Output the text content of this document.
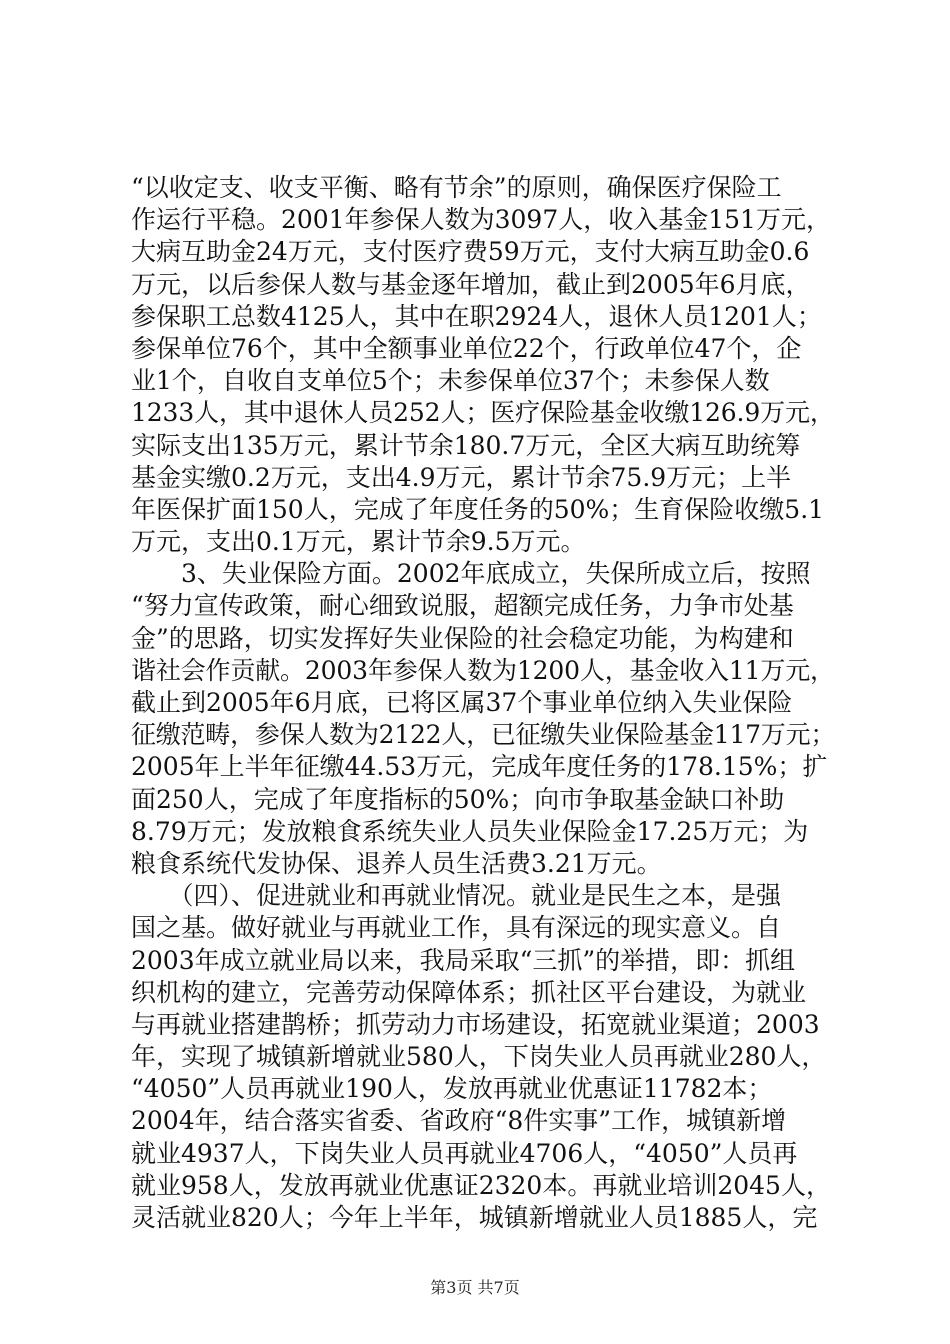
“以收定支、收支平衡、略有节余”的原则，确保医疗保险工
作运行平稳。2001年参保人数为3097人，收入基金151万元，
大病互助金24万元，支付医疗费59万元，支付大病互助金0.6
万元，以后参保人数与基金逐年增加，截止到2005年6月底，
参保职工总数4125人，其中在职2924人，退休人员1201人；
参保单位76个，其中全额事业单位22个，行政单位47个，企
业1个，自收自支单位5个；未参保单位37个；未参保人数
1233人，其中退休人员252人；医疗保险基金收缴126.9万元，
实际支出135万元，累计节余180.7万元，全区大病互助统筹
基金实缴0.2万元，支出4.9万元，累计节余75.9万元；上半
年医保扩面150人，完成了年度任务的50%；生育保险收缴5.1
万元，支出0.1万元，累计节余9.5万元。
　　3、失业保险方面。2002年底成立，失保所成立后，按照
“努力宣传政策，耐心细致说服，超额完成任务，力争市处基
金”的思路，切实发挥好失业保险的社会稳定功能，为构建和
谐社会作贡献。2003年参保人数为1200人，基金收入11万元，
截止到2005年6月底，已将区属37个事业单位纳入失业保险
征缴范畴，参保人数为2122人，已征缴失业保险基金117万元；
2005年上半年征缴44.53万元，完成年度任务的178.15%；扩
面250人，完成了年度指标的50%；向市争取基金缺口补助
8.79万元；发放粮食系统失业人员失业保险金17.25万元；为
粮食系统代发协保、退养人员生活费3.21万元。
　　（四）、促进就业和再就业情况。就业是民生之本，是强
国之基。做好就业与再就业工作，具有深远的现实意义。自
2003年成立就业局以来，我局采取“三抓”的举措，即：抓组
织机构的建立，完善劳动保障体系；抓社区平台建设，为就业
与再就业搭建鹊桥；抓劳动力市场建设，拓宽就业渠道；2003
年，实现了城镇新增就业580人，下岗失业人员再就业280人，
“4050”人员再就业190人，发放再就业优惠证11782本；
2004年，结合落实省委、省政府“8件实事”工作，城镇新增
就业4937人，下岗失业人员再就业4706人，“4050”人员再
就业958人，发放再就业优惠证2320本。再就业培训2045人，
灵活就业820人；今年上半年，城镇新增就业人员1885人，完
第3页 共7页
